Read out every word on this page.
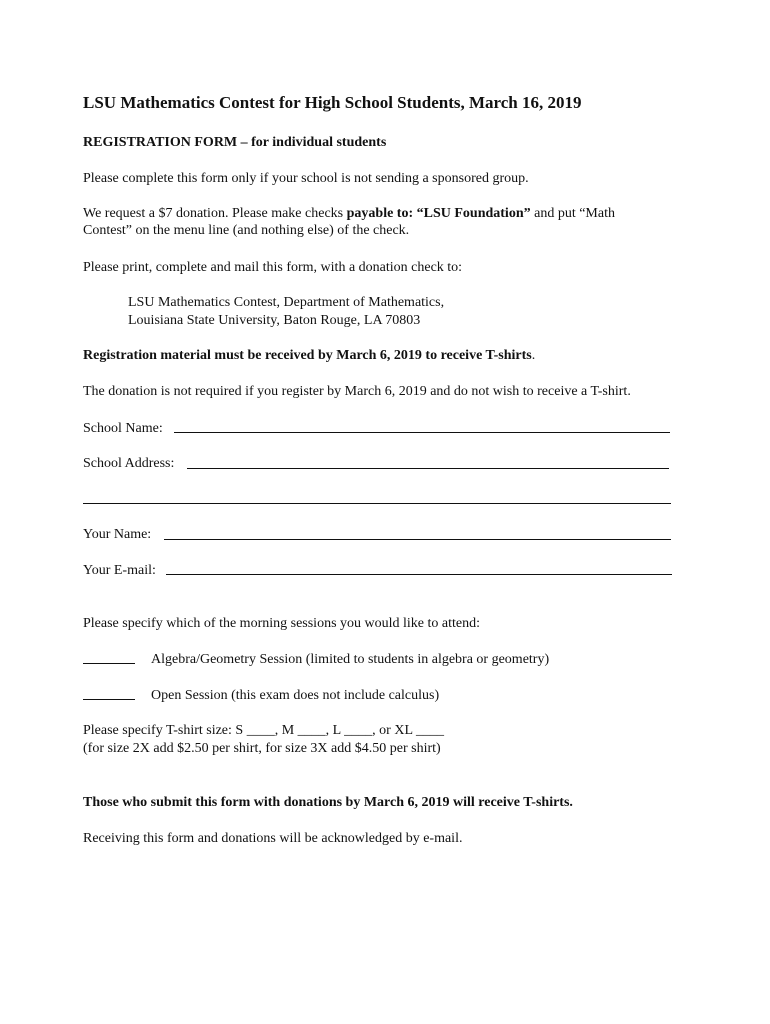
LSU Mathematics Contest for High School Students, March 16, 2019
REGISTRATION FORM – for individual students
Please complete this form only if your school is not sending a sponsored group.
We request a $7 donation. Please make checks payable to: “LSU Foundation” and put “Math
Contest” on the menu line (and nothing else) of the check.
Please print, complete and mail this form, with a donation check to:
LSU Mathematics Contest, Department of Mathematics,
Louisiana State University, Baton Rouge, LA 70803
Registration material must be received by March 6, 2019 to receive T-shirts.
The donation is not required if you register by March 6, 2019 and do not wish to receive a T-shirt.
School Name:
School Address:
Your Name:
Your E-mail:
Please specify which of the morning sessions you would like to attend:
Algebra/Geometry Session (limited to students in algebra or geometry)
Open Session (this exam does not include calculus)
Please specify T-shirt size: S ____, M ____, L ____, or XL ____
(for size 2X add $2.50 per shirt, for size 3X add $4.50 per shirt)
Those who submit this form with donations by March 6, 2019 will receive T-shirts.
Receiving this form and donations will be acknowledged by e-mail.
